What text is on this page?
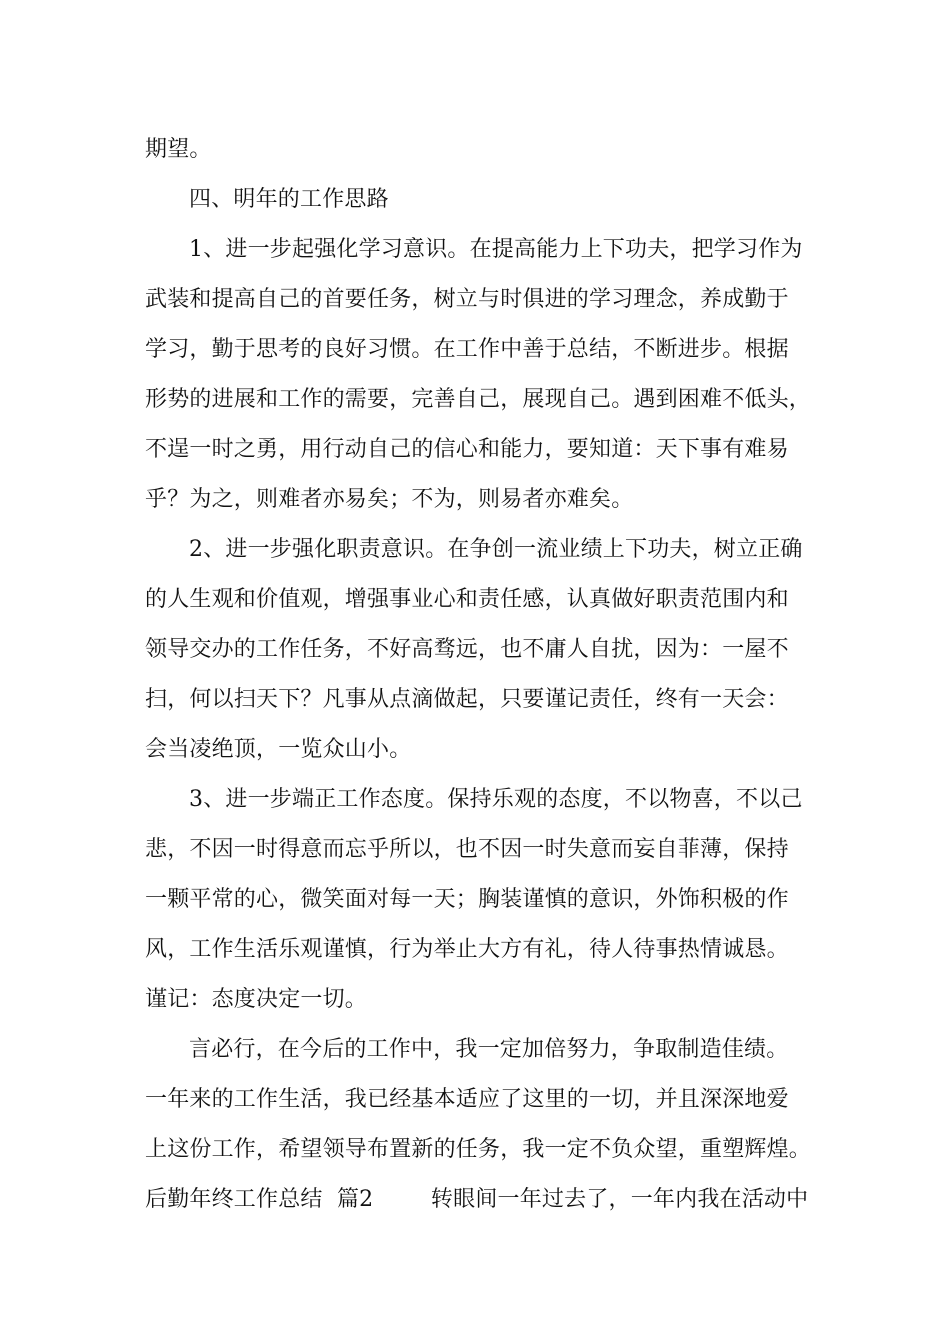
期望。
四、明年的工作思路
1、进一步起强化学习意识。在提高能力上下功夫，把学习作为
武装和提高自己的首要任务，树立与时俱进的学习理念，养成勤于
学习，勤于思考的良好习惯。在工作中善于总结，不断进步。根据
形势的进展和工作的需要，完善自己，展现自己。遇到困难不低头，
不逞一时之勇，用行动自己的信心和能力，要知道：天下事有难易
乎？为之，则难者亦易矣；不为，则易者亦难矣。
2、进一步强化职责意识。在争创一流业绩上下功夫，树立正确
的人生观和价值观，增强事业心和责任感，认真做好职责范围内和
领导交办的工作任务，不好高骛远，也不庸人自扰，因为：一屋不
扫，何以扫天下？凡事从点滴做起，只要谨记责任，终有一天会：
会当凌绝顶，一览众山小。
3、进一步端正工作态度。保持乐观的态度，不以物喜，不以己
悲，不因一时得意而忘乎所以，也不因一时失意而妄自菲薄，保持
一颗平常的心，微笑面对每一天；胸装谨慎的意识，外饰积极的作
风，工作生活乐观谨慎，行为举止大方有礼，待人待事热情诚恳。
谨记：态度决定一切。
言必行，在今后的工作中，我一定加倍努力，争取制造佳绩。
一年来的工作生活，我已经基本适应了这里的一切，并且深深地爱
上这份工作，希望领导布置新的任务，我一定不负众望，重塑辉煌。
后勤年终工作总结  篇2        转眼间一年过去了，一年内我在活动中
